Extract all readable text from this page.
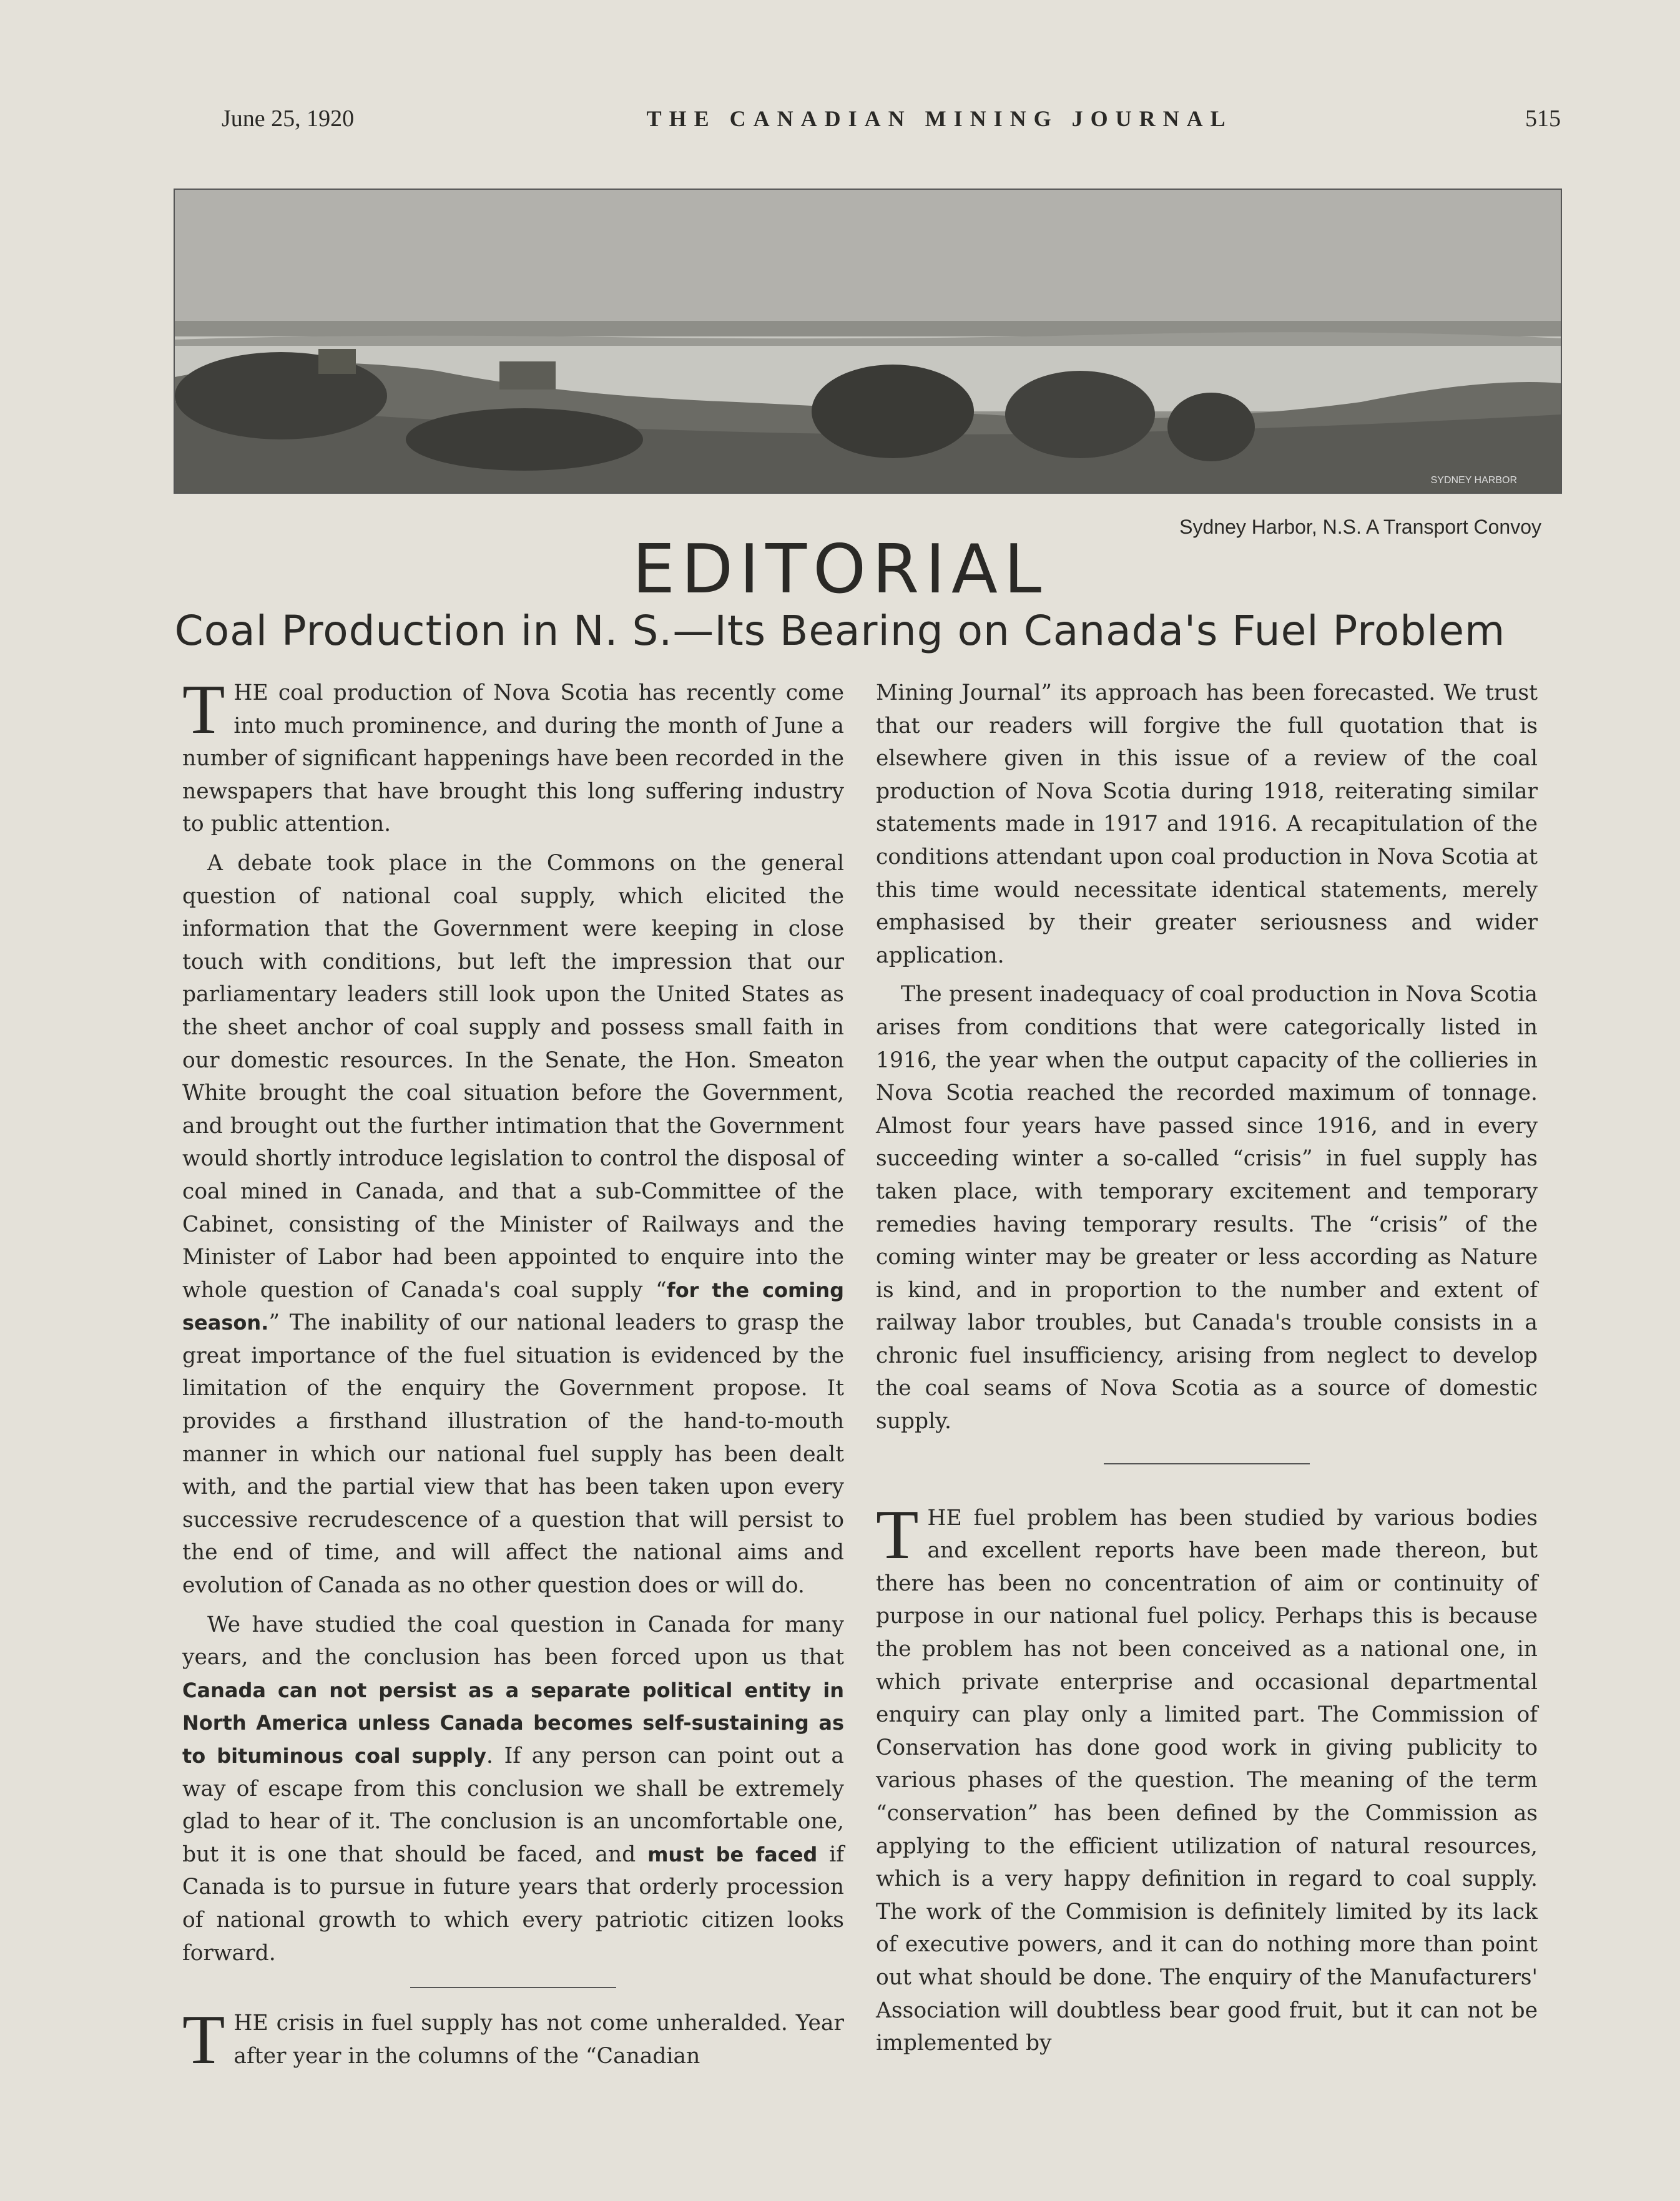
June 25, 1920	THE CANADIAN MINING JOURNAL	515
SYDNEY HARBOR
Sydney Harbor, N.S. A Transport Convoy
EDITORIAL
Coal Production in N. S.—Its Bearing on Canada's Fuel Problem

THE coal production of Nova Scotia has recently come into much prominence, and during the month of June a number of significant happenings have been recorded in the newspapers that have brought this long suffering industry to public attention.

A debate took place in the Commons on the general question of national coal supply, which elicited the information that the Government were keeping in close touch with conditions, but left the impression that our parliamentary leaders still look upon the United States as the sheet anchor of coal supply and possess small faith in our domestic resources. In the Senate, the Hon. Smeaton White brought the coal situation before the Government, and brought out the further intimation that the Government would shortly introduce legislation to control the disposal of coal mined in Canada, and that a sub-Committee of the Cabinet, consisting of the Minister of Railways and the Minister of Labor had been appointed to enquire into the whole question of Canada's coal supply “for the coming season.” The inability of our national leaders to grasp the great importance of the fuel situation is evidenced by the limitation of the enquiry the Government propose. It provides a firsthand illustration of the hand-to-mouth manner in which our national fuel supply has been dealt with, and the partial view that has been taken upon every successive recrudescence of a question that will persist to the end of time, and will affect the national aims and evolution of Canada as no other question does or will do.

We have studied the coal question in Canada for many years, and the conclusion has been forced upon us that Canada can not persist as a separate political entity in North America unless Canada becomes self-sustaining as to bituminous coal supply. If any person can point out a way of escape from this conclusion we shall be extremely glad to hear of it. The conclusion is an uncomfortable one, but it is one that should be faced, and must be faced if Canada is to pursue in future years that orderly procession of national growth to which every patriotic citizen looks forward.

THE crisis in fuel supply has not come unheralded. Year after year in the columns of the “Canadian

Mining Journal” its approach has been forecasted. We trust that our readers will forgive the full quotation that is elsewhere given in this issue of a review of the coal production of Nova Scotia during 1918, reiterating similar statements made in 1917 and 1916. A recapitulation of the conditions attendant upon coal production in Nova Scotia at this time would necessitate identical statements, merely emphasised by their greater seriousness and wider application.

The present inadequacy of coal production in Nova Scotia arises from conditions that were categorically listed in 1916, the year when the output capacity of the collieries in Nova Scotia reached the recorded maximum of tonnage. Almost four years have passed since 1916, and in every succeeding winter a so-called “crisis” in fuel supply has taken place, with temporary excitement and temporary remedies having temporary results. The “crisis” of the coming winter may be greater or less according as Nature is kind, and in proportion to the number and extent of railway labor troubles, but Canada's trouble consists in a chronic fuel insufficiency, arising from neglect to develop the coal seams of Nova Scotia as a source of domestic supply.

THE fuel problem has been studied by various bodies and excellent reports have been made thereon, but there has been no concentration of aim or continuity of purpose in our national fuel policy. Perhaps this is because the problem has not been conceived as a national one, in which private enterprise and occasional departmental enquiry can play only a limited part. The Commission of Conservation has done good work in giving publicity to various phases of the question. The meaning of the term “conservation” has been defined by the Commission as applying to the efficient utilization of natural resources, which is a very happy definition in regard to coal supply. The work of the Commision is definitely limited by its lack of executive powers, and it can do nothing more than point out what should be done. The enquiry of the Manufacturers' Association will doubtless bear good fruit, but it can not be implemented by
